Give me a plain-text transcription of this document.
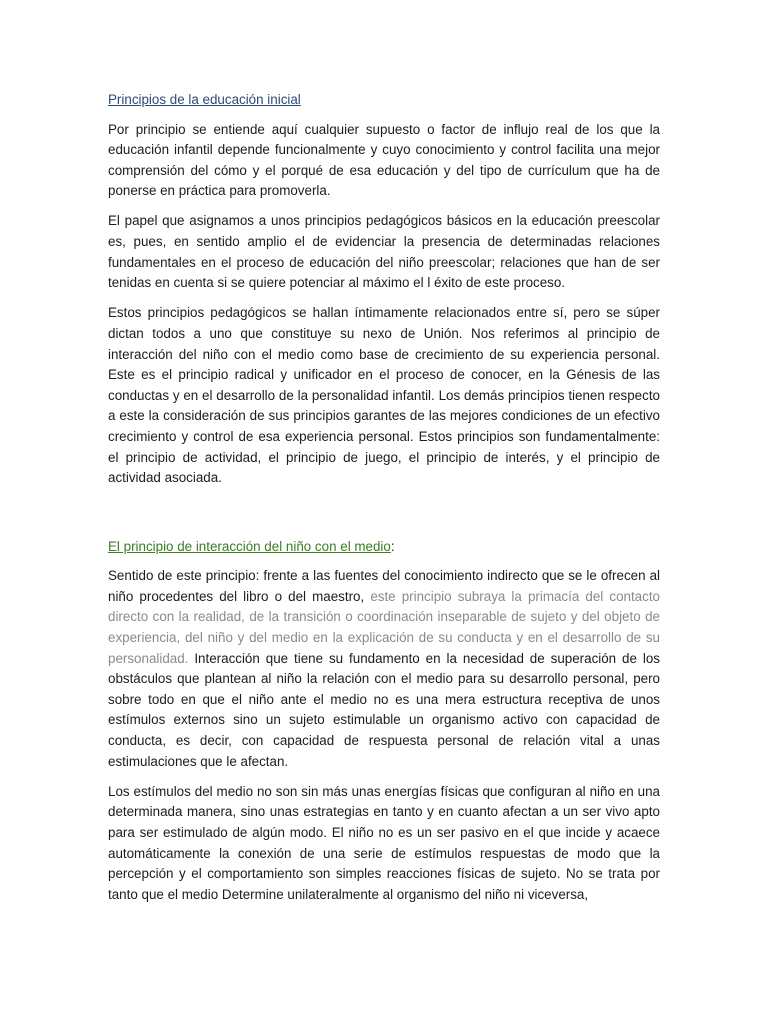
Principios de la educación inicial

Por principio se entiende aquí cualquier supuesto o factor de influjo real de los que la educación infantil depende funcionalmente y cuyo conocimiento y control facilita una mejor comprensión del cómo y el porqué de esa educación y del tipo de currículum que ha de ponerse en práctica para promoverla.

El papel que asignamos a unos principios pedagógicos básicos en la educación preescolar es, pues, en sentido amplio el de evidenciar la presencia de determinadas relaciones fundamentales en el proceso de educación del niño preescolar; relaciones que han de ser tenidas en cuenta si se quiere potenciar al máximo el l éxito de este proceso.

Estos principios pedagógicos se hallan íntimamente relacionados entre sí, pero se súper dictan todos a uno que constituye su nexo de Unión. Nos referimos al principio de interacción del niño con el medio como base de crecimiento de su experiencia personal. Este es el principio radical y unificador en el proceso de conocer, en la Génesis de las conductas y en el desarrollo de la personalidad infantil. Los demás principios tienen respecto a este la consideración de sus principios garantes de las mejores condiciones de un efectivo crecimiento y control de esa experiencia personal. Estos principios son fundamentalmente: el principio de actividad, el principio de juego, el principio de interés, y el principio de actividad asociada.

El principio de interacción del niño con el medio:

Sentido de este principio: frente a las fuentes del conocimiento indirecto que se le ofrecen al niño procedentes del libro o del maestro, este principio subraya la primacía del contacto directo con la realidad, de la transición o coordinación inseparable de sujeto y del objeto de experiencia, del niño y del medio en la explicación de su conducta y en el desarrollo de su personalidad. Interacción que tiene su fundamento en la necesidad de superación de los obstáculos que plantean al niño la relación con el medio para su desarrollo personal, pero sobre todo en que el niño ante el medio no es una mera estructura receptiva de unos estímulos externos sino un sujeto estimulable un organismo activo con capacidad de conducta, es decir, con capacidad de respuesta personal de relación vital a unas estimulaciones que le afectan.

Los estímulos del medio no son sin más unas energías físicas que configuran al niño en una determinada manera, sino unas estrategias en tanto y en cuanto afectan a un ser vivo apto para ser estimulado de algún modo. El niño no es un ser pasivo en el que incide y acaece automáticamente la conexión de una serie de estímulos respuestas de modo que la percepción y el comportamiento son simples reacciones físicas de sujeto. No se trata por tanto que el medio Determine unilateralmente al organismo del niño ni viceversa,
